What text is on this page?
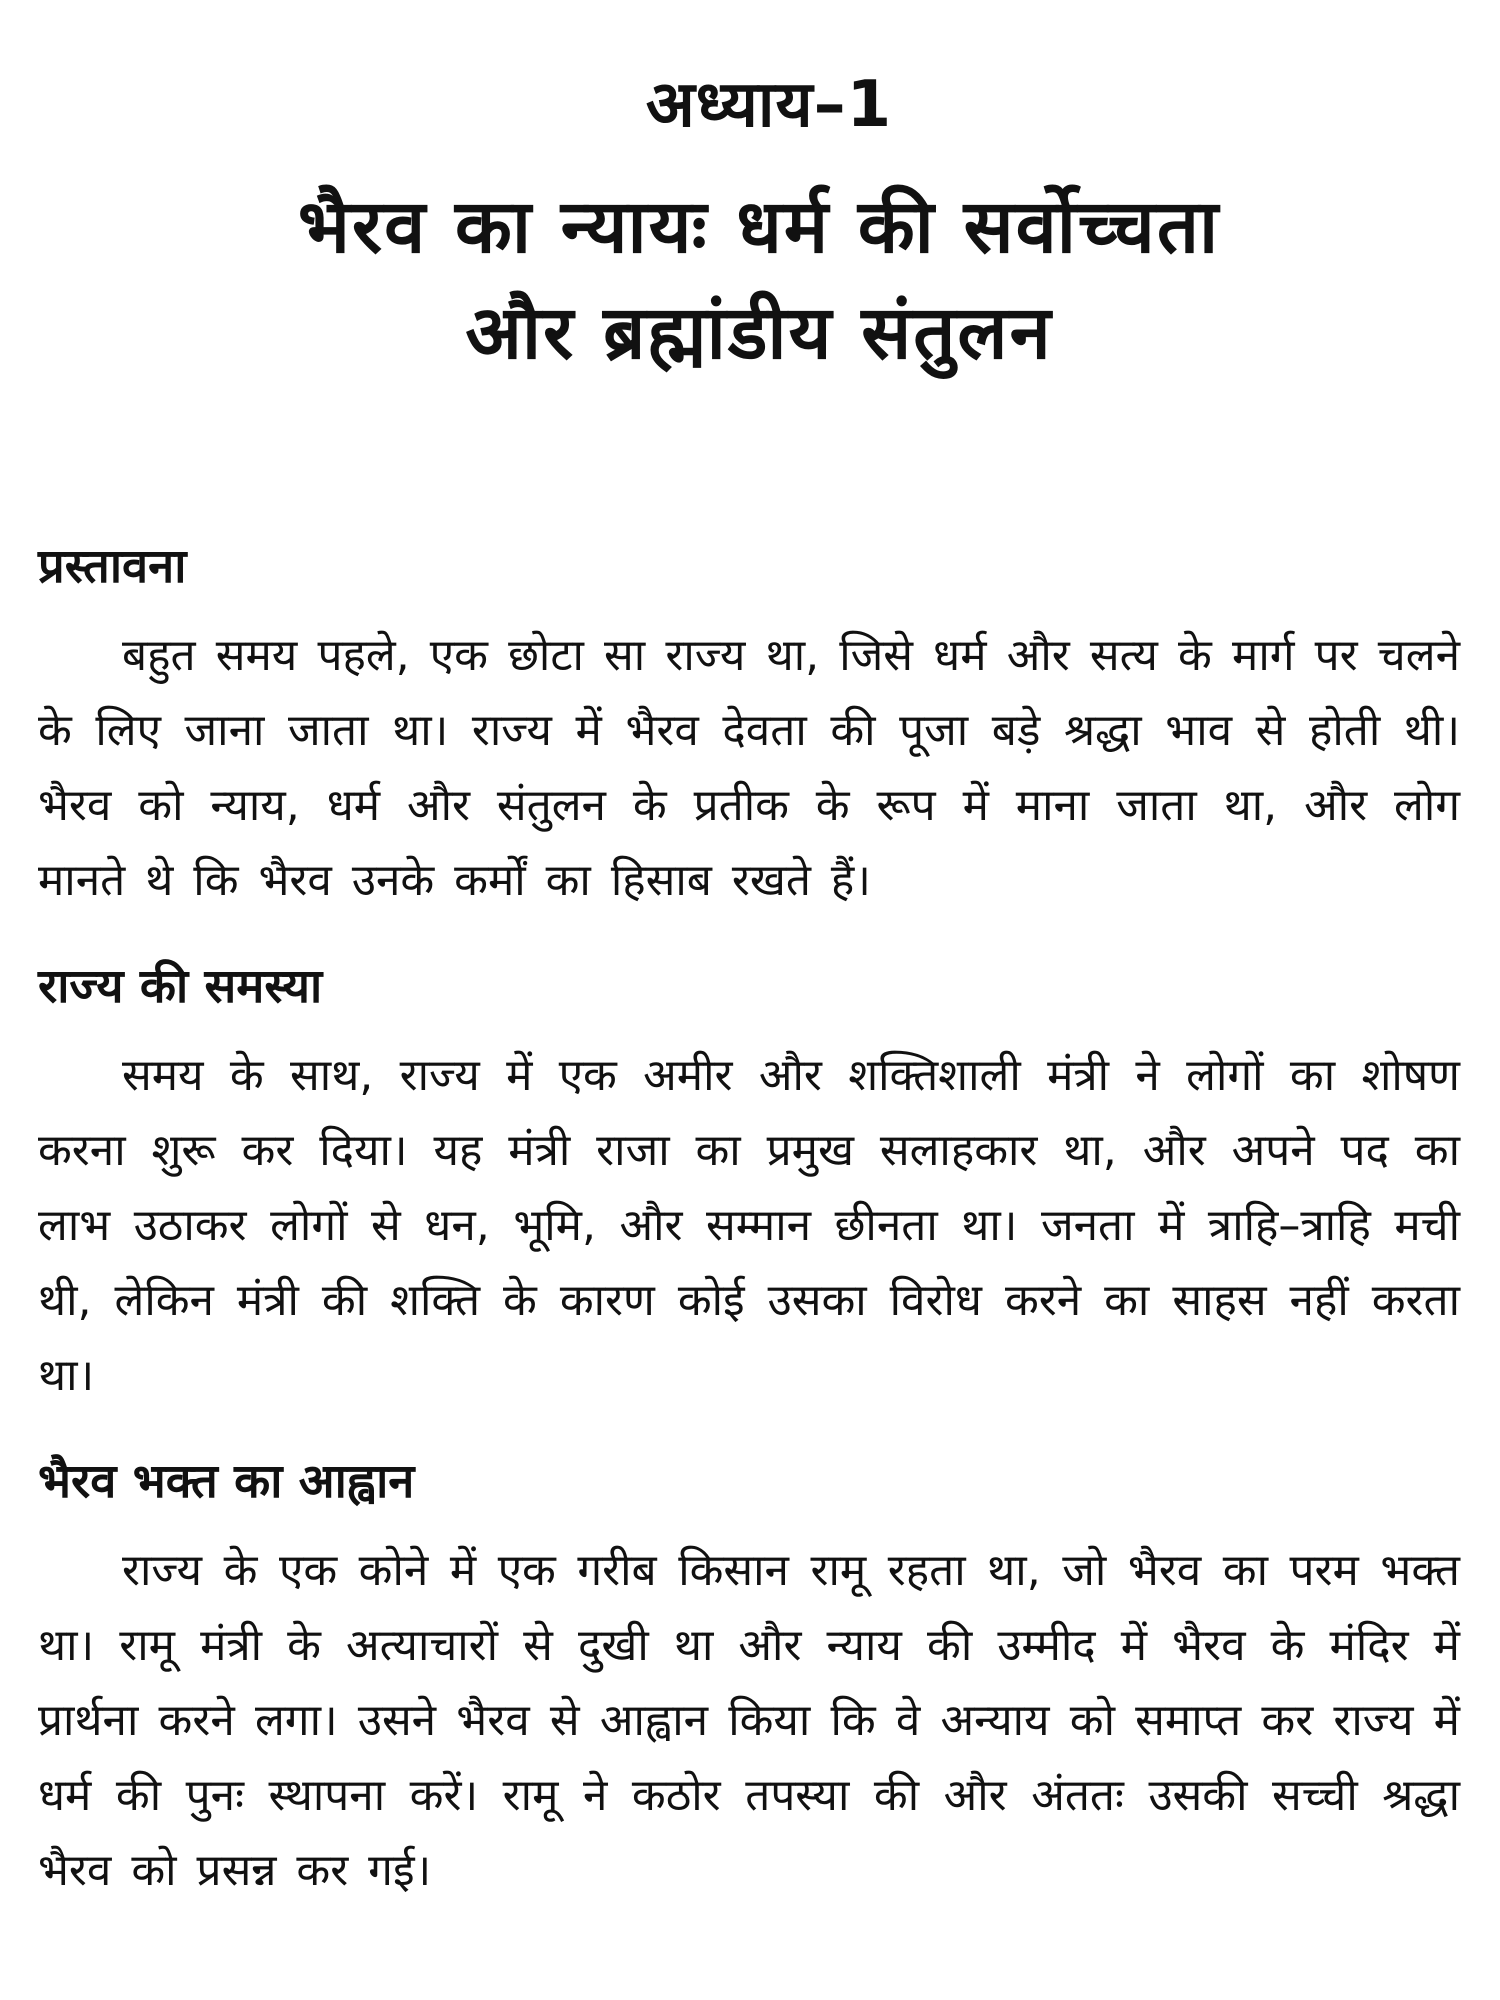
अध्याय–1
भैरव का न्यायः धर्म की सर्वोच्चता
और ब्रह्मांडीय संतुलन
प्रस्तावना

बहुत समय पहले, एक छोटा सा राज्य था, जिसे धर्म और सत्य के मार्ग पर चलने के लिए जाना जाता था। राज्य में भैरव देवता की पूजा बड़े श्रद्धा भाव से होती थी। भैरव को न्याय, धर्म और संतुलन के प्रतीक के रूप में माना जाता था, और लोग मानते थे कि भैरव उनके कर्मों का हिसाब रखते हैं।

राज्य की समस्या

समय के साथ, राज्य में एक अमीर और शक्तिशाली मंत्री ने लोगों का शोषण करना शुरू कर दिया। यह मंत्री राजा का प्रमुख सलाहकार था, और अपने पद का लाभ उठाकर लोगों से धन, भूमि, और सम्मान छीनता था। जनता में त्राहि–त्राहि मची थी, लेकिन मंत्री की शक्ति के कारण कोई उसका विरोध करने का साहस नहीं करता था।

भैरव भक्त का आह्वान

राज्य के एक कोने में एक गरीब किसान रामू रहता था, जो भैरव का परम भक्त था। रामू मंत्री के अत्याचारों से दुखी था और न्याय की उम्मीद में भैरव के मंदिर में प्रार्थना करने लगा। उसने भैरव से आह्वान किया कि वे अन्याय को समाप्त कर राज्य में धर्म की पुनः स्थापना करें। रामू ने कठोर तपस्या की और अंततः उसकी सच्ची श्रद्धा भैरव को प्रसन्न कर गई।
